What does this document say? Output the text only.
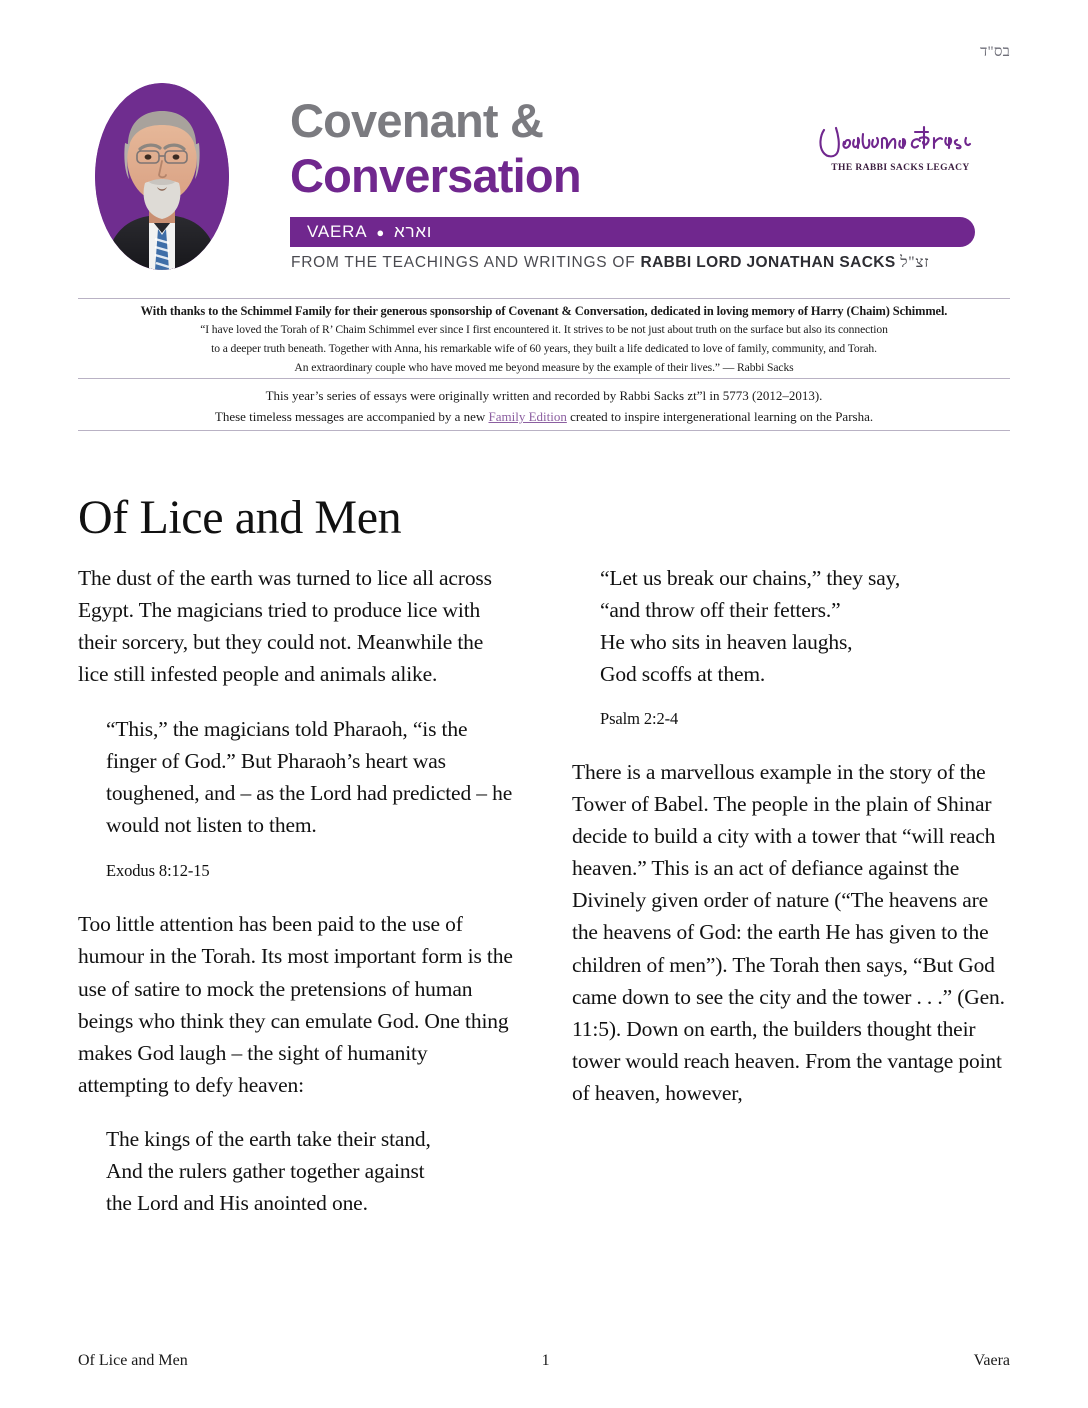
בס"ד
Covenant &
Conversation	THE RABBI SACKS LEGACY
VAERA ● וארא
FROM THE TEACHINGS AND WRITINGS OF RABBI LORD JONATHAN SACKS זצ"ל
With thanks to the Schimmel Family for their generous sponsorship of Covenant & Conversation, dedicated in loving memory of Harry (Chaim) Schimmel.
“I have loved the Torah of R’ Chaim Schimmel ever since I first encountered it. It strives to be not just about truth on the surface but also its connection
to a deeper truth beneath. Together with Anna, his remarkable wife of 60 years, they built a life dedicated to love of family, community, and Torah.
An extraordinary couple who have moved me beyond measure by the example of their lives.” — Rabbi Sacks
This year’s series of essays were originally written and recorded by Rabbi Sacks zt”l in 5773 (2012–2013).
These timeless messages are accompanied by a new Family Edition created to inspire intergenerational learning on the Parsha.
Of Lice and Men

The dust of the earth was turned to lice all across Egypt. The magicians tried to produce lice with their sorcery, but they could not. Meanwhile the lice still infested people and animals alike.

“This,” the magicians told Pharaoh, “is the finger of God.” But Pharaoh’s heart was toughened, and – as the Lord had predicted – he would not listen to them.
Exodus 8:12-15

Too little attention has been paid to the use of humour in the Torah. Its most important form is the use of satire to mock the pretensions of human beings who think they can emulate God. One thing makes God laugh – the sight of humanity attempting to defy heaven:

The kings of the earth take their stand,
And the rulers gather together against
the Lord and His anointed one.
“Let us break our chains,” they say,
“and throw off their fetters.”
He who sits in heaven laughs,
God scoffs at them.
Psalm 2:2-4

There is a marvellous example in the story of the Tower of Babel. The people in the plain of Shinar decide to build a city with a tower that “will reach heaven.” This is an act of defiance against the Divinely given order of nature (“The heavens are the heavens of God: the earth He has given to the children of men”). The Torah then says, “But God came down to see the city and the tower . . .” (Gen. 11:5). Down on earth, the builders thought their tower would reach heaven. From the vantage point of heaven, however,

Of Lice and Men	1	Vaera
